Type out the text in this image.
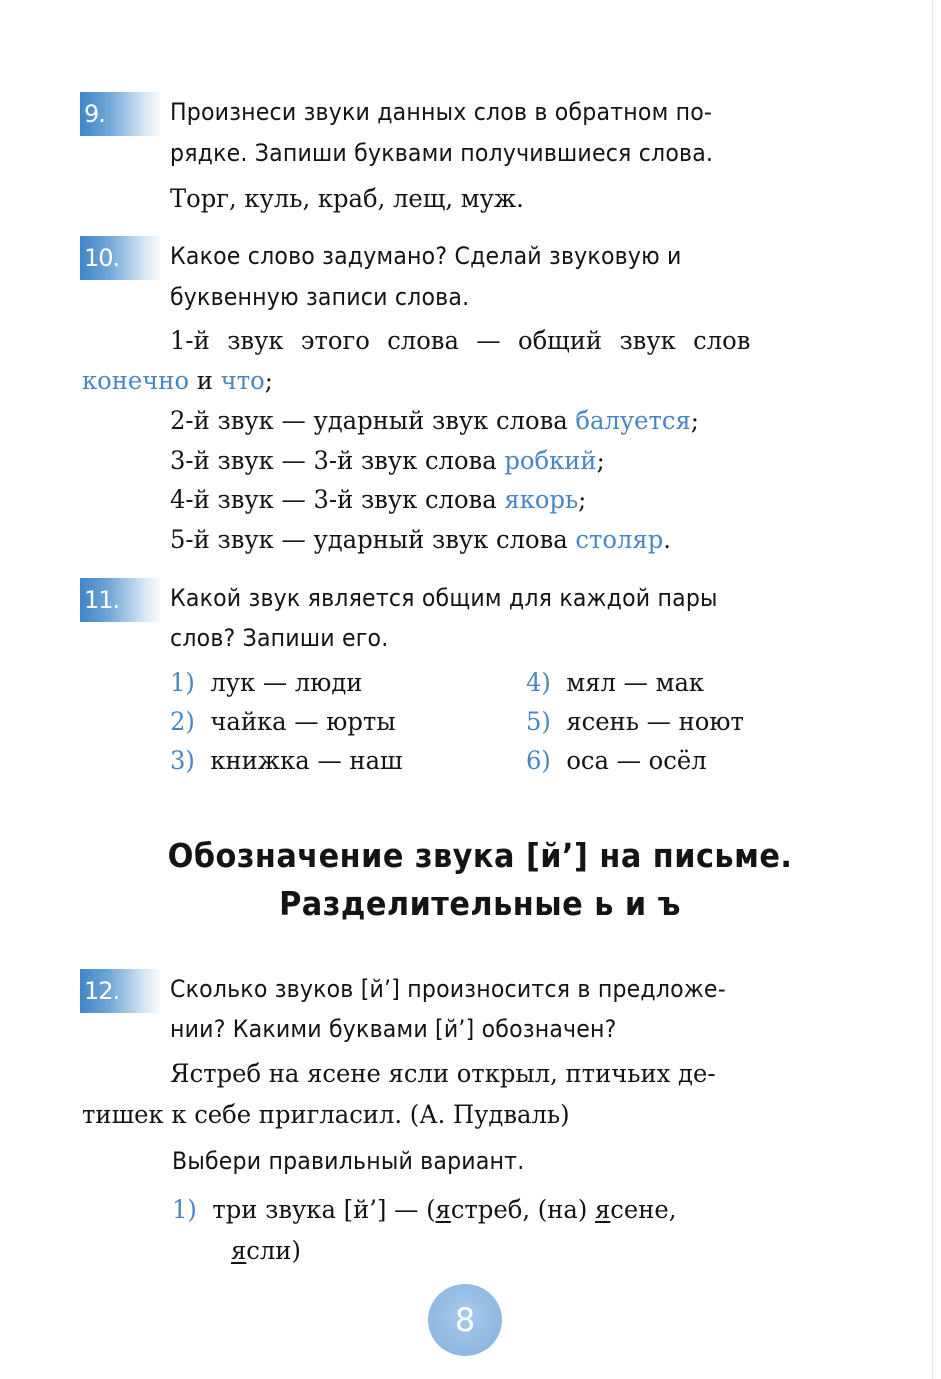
9.	Произнеси звуки данных слов в обратном по-
рядке. Запиши буквами получившиеся слова.
Торг, куль, краб, лещ, муж.
10.	Какое слово задумано? Сделай звуковую и
буквенную записи слова.
1-й звук этого слова — общий звук слов
конечно и что;
2-й звук — ударный звук слова балуется;
3-й звук — 3-й звук слова робкий;
4-й звук — 3-й звук слова якорь;
5-й звук — ударный звук слова столяр.
11.	Какой звук является общим для каждой пары
слов? Запиши его.
1) лук — люди
2) чайка — юрты
3) книжка — наш
4) мял — мак
5) ясень — ноют
6) оса — осёл
Обозначение звука [й’] на письме.
Разделительные ь и ъ
12.	Сколько звуков [й’] произносится в предложе-
нии? Какими буквами [й’] обозначен?
Ястреб на ясене ясли открыл, птичьих де-
тишек к себе пригласил. (А. Пудваль)
Выбери правильный вариант.
1) три звука [й’] — (ястреб, (на) ясене,
ясли)
8
